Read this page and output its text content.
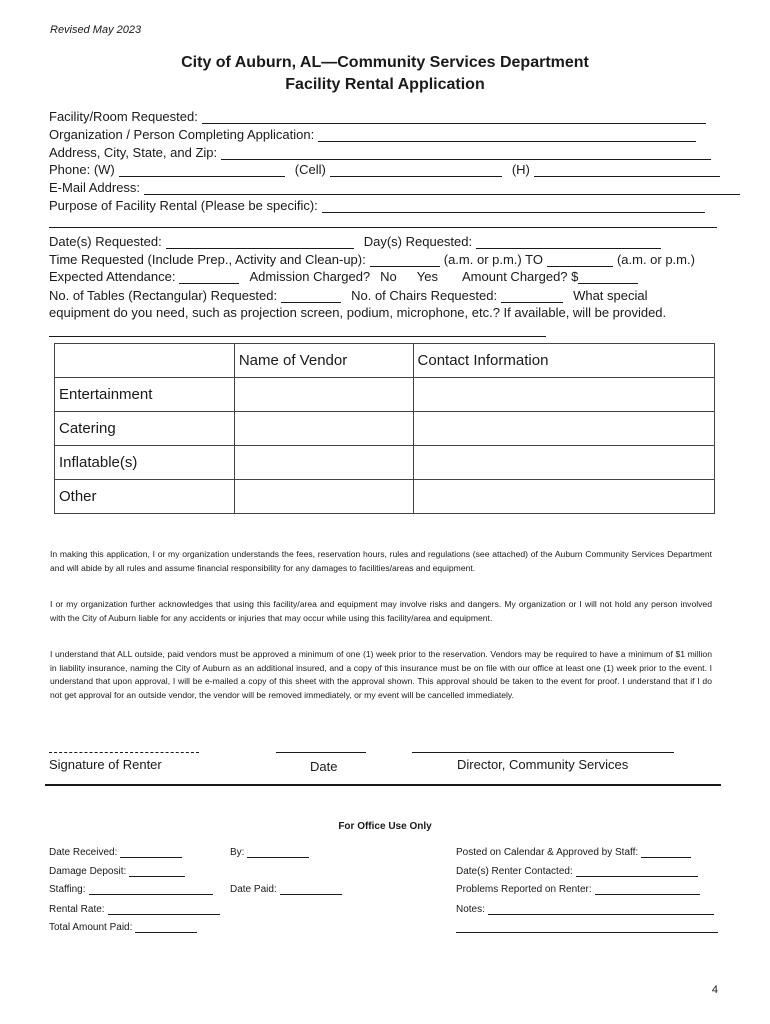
Revised May 2023
City of Auburn, AL—Community Services Department
Facility Rental Application
Facility/Room Requested:
Organization / Person Completing Application:
Address, City, State, and Zip:
Phone: (W)	(Cell)	(H)
E-Mail Address:
Purpose of Facility Rental (Please be specific):
Date(s) Requested:	Day(s) Requested:
Time Requested (Include Prep., Activity and Clean-up):	(a.m. or p.m.) TO	(a.m. or p.m.)
Expected Attendance:	Admission Charged? No Yes Amount Charged? $
No. of Tables (Rectangular) Requested:	No. of Chairs Requested:	What special
equipment do you need, such as projection screen, podium, microphone, etc.? If available, will be provided.
	Name of Vendor	Contact Information
Entertainment		
Catering		
Inflatable(s)		
Other		
In making this application, I or my organization understands the fees, reservation hours, rules and regulations (see attached) of the Auburn Community Services Department and will abide by all rules and assume financial responsibility for any damages to facilities/areas and equipment.
I or my organization further acknowledges that using this facility/area and equipment may involve risks and dangers. My organization or I will not hold any person involved with the City of Auburn liable for any accidents or injuries that may occur while using this facility/area and equipment.
I understand that ALL outside, paid vendors must be approved a minimum of one (1) week prior to the reservation. Vendors may be required to have a minimum of $1 million in liability insurance, naming the City of Auburn as an additional insured, and a copy of this insurance must be on file with our office at least one (1) week prior to the event. I understand that upon approval, I will be e-mailed a copy of this sheet with the approval shown. This approval should be taken to the event for proof. I understand that if I do not get approval for an outside vendor, the vendor will be removed immediately, or my event will be cancelled immediately.
Signature of Renter	Date	Director, Community Services
For Office Use Only
Date Received:	By:	Posted on Calendar & Approved by Staff:
Damage Deposit:	Date(s) Renter Contacted:
Staffing:	Date Paid:	Problems Reported on Renter:
Rental Rate:	Notes:
Total Amount Paid:
4
